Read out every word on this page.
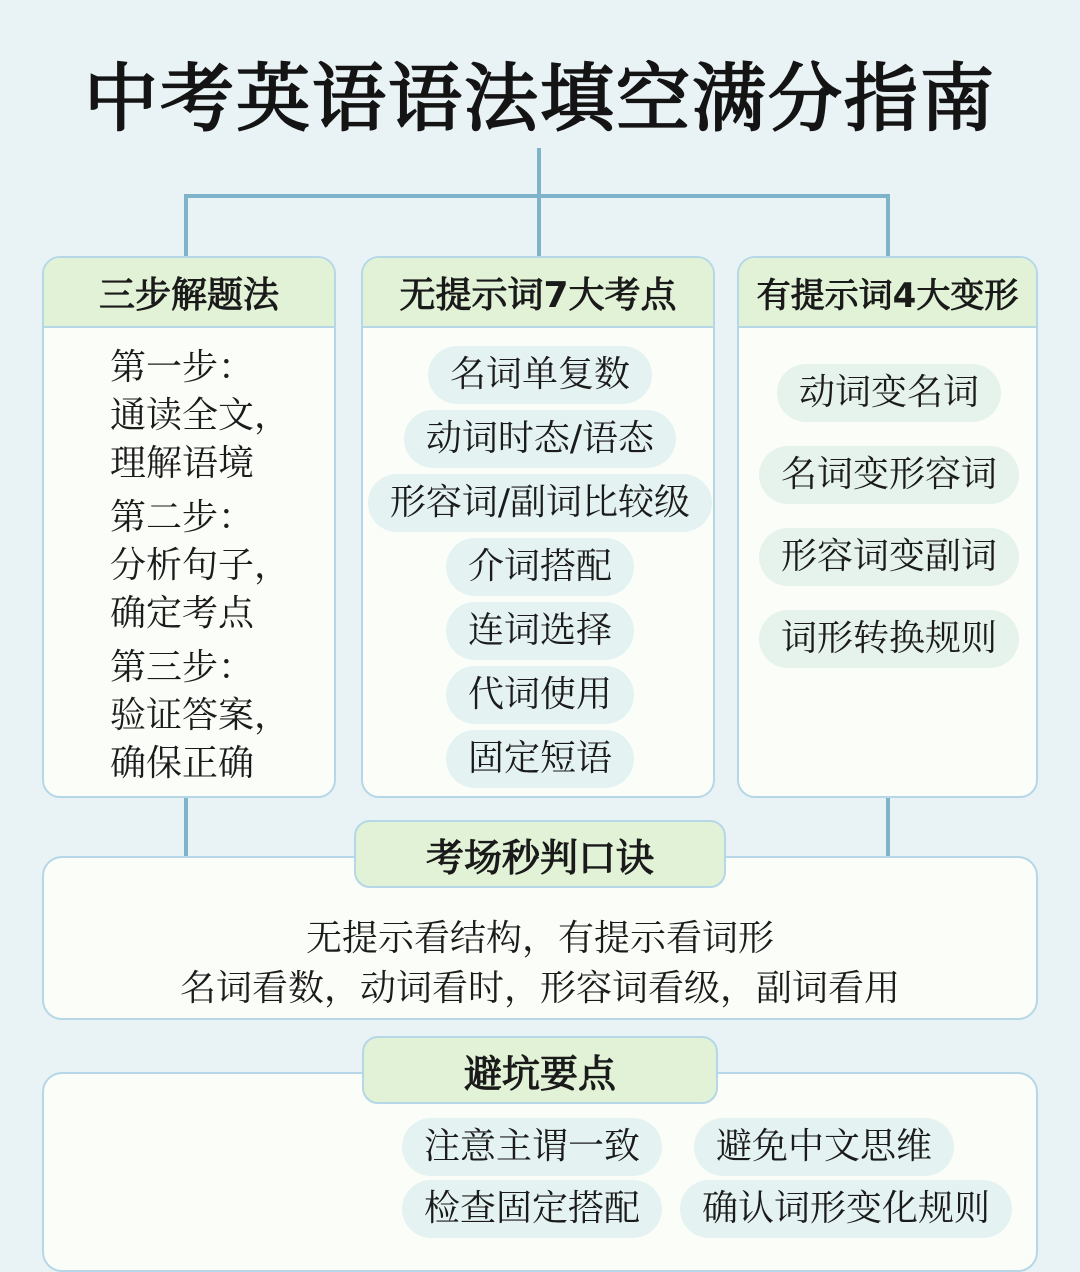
中考英语语法填空满分指南
三步解题法
第一步：
通读全文，
理解语境
第二步：
分析句子，
确定考点
第三步：
验证答案，
确保正确
无提示词7大考点
名词单复数
动词时态/语态
形容词/副词比较级
介词搭配
连词选择
代词使用
固定短语
有提示词4大变形
动词变名词
名词变形容词
形容词变副词
词形转换规则
无提示看结构，有提示看词形
名词看数，动词看时，形容词看级，副词看用
考场秒判口诀
注意主谓一致	避免中文思维
检查固定搭配	确认词形变化规则
避坑要点
